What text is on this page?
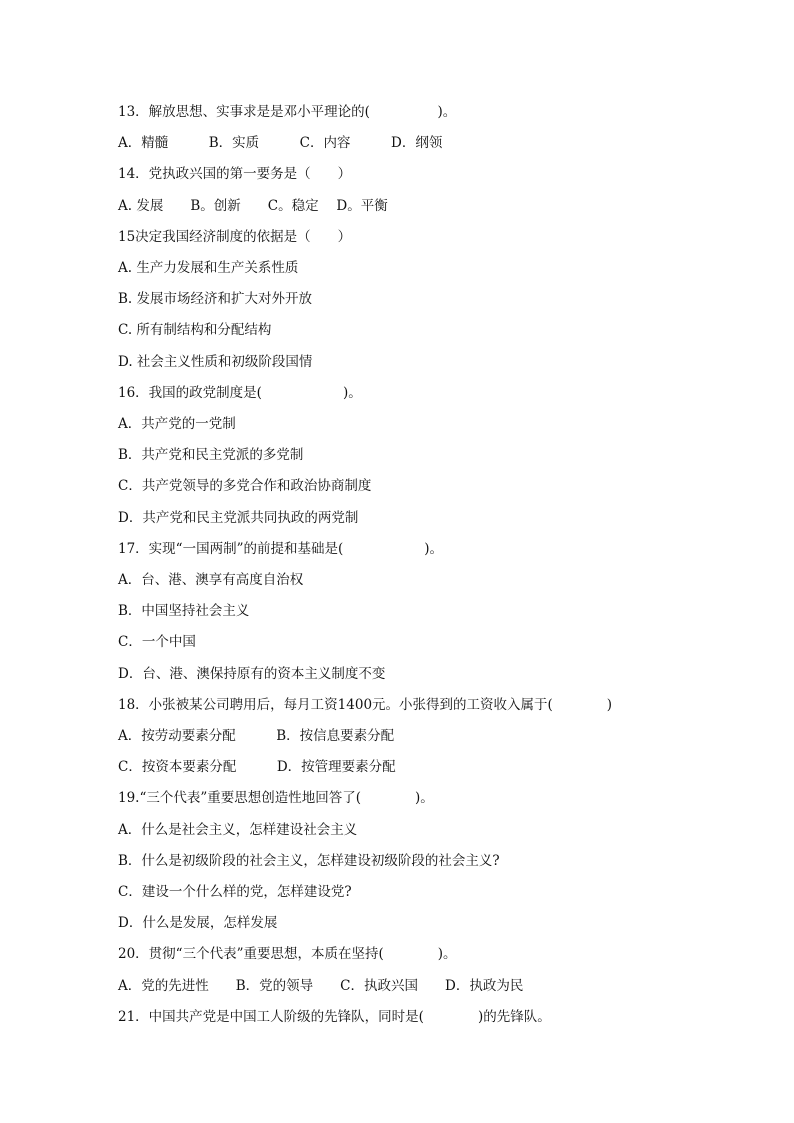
13．解放思想、实事求是是邓小平理论的(　　　　　)。
A．精髓　　　B．实质　　　C．内容　　　D．纲领
14．党执政兴国的第一要务是（　　）
A. 发展　　B。创新　　C。稳定　 D。平衡
15决定我国经济制度的依据是（　　）
A. 生产力发展和生产关系性质
B. 发展市场经济和扩大对外开放
C. 所有制结构和分配结构
D. 社会主义性质和初级阶段国情
16．我国的政党制度是(　　　　　　)。
A．共产党的一党制
B．共产党和民主党派的多党制
C．共产党领导的多党合作和政治协商制度
D．共产党和民主党派共同执政的两党制
17．实现“一国两制”的前提和基础是(　　　　　　)。
A．台、港、澳享有高度自治权
B．中国坚持社会主义
C．一个中国
D．台、港、澳保持原有的资本主义制度不变
18．小张被某公司聘用后，每月工资1400元。小张得到的工资收入属于(　　　　)
A．按劳动要素分配　　　B．按信息要素分配
C．按资本要素分配　　　D．按管理要素分配
19.“三个代表”重要思想创造性地回答了(　　　　)。
A．什么是社会主义，怎样建设社会主义
B．什么是初级阶段的社会主义，怎样建设初级阶段的社会主义?
C．建设一个什么样的党，怎样建设党?
D．什么是发展，怎样发展
20．贯彻“三个代表”重要思想，本质在坚持(　　　　)。
A．党的先进性　　B．党的领导　　C．执政兴国　　D．执政为民
21．中国共产党是中国工人阶级的先锋队，同时是(　　　　)的先锋队。
